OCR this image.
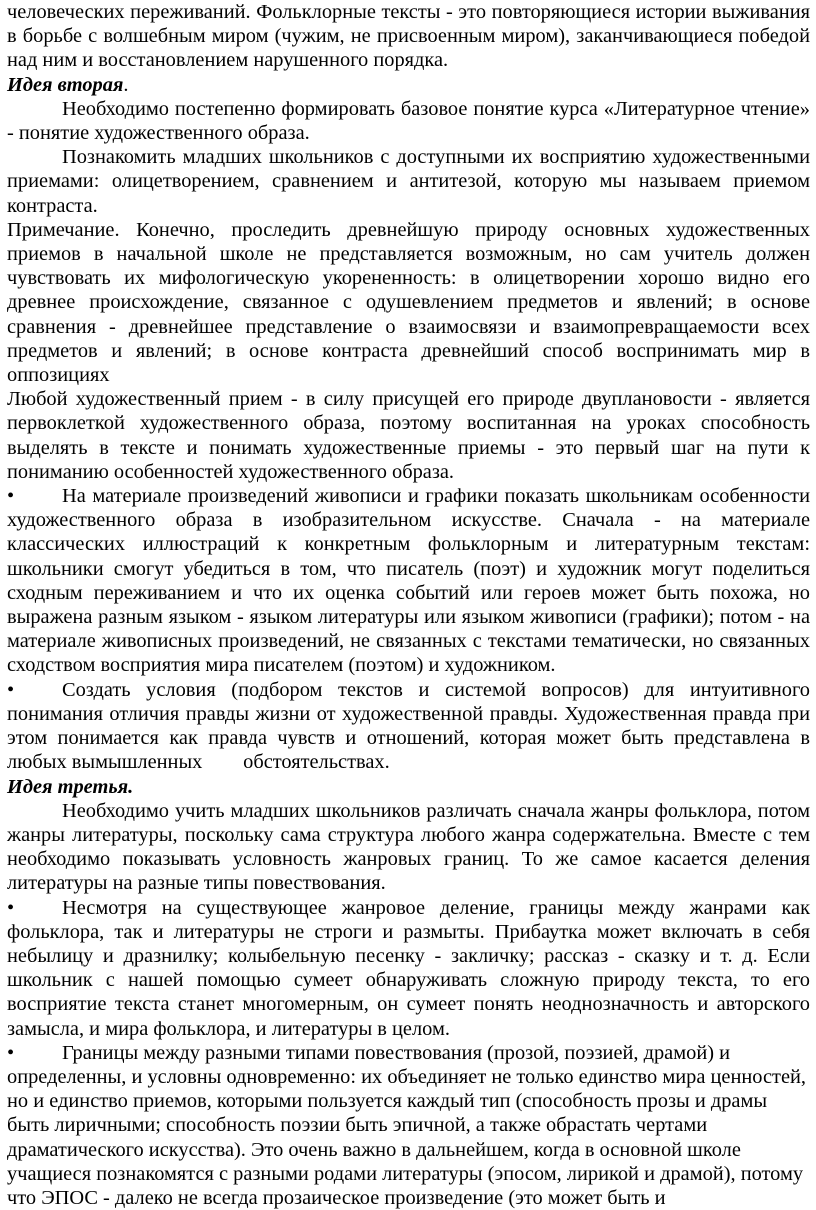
человеческих переживаний. Фольклорные тексты - это повторяющиеся истории выживания в борьбе с волшебным миром (чужим, не присвоенным миром), заканчивающиеся победой над ним и восстановлением нарушенного порядка.

Идея вторая.

Необходимо постепенно формировать базовое понятие курса «Литературное чтение» - понятие художественного образа.

Познакомить младших школьников с доступными их восприятию художественными приемами: олицетворением, сравнением и антитезой, которую мы называем приемом контраста.

Примечание. Конечно, проследить древнейшую природу основных художественных приемов в начальной школе не представляется возможным, но сам учитель должен чувствовать их мифологическую укорененность: в олицетворении хорошо видно его древнее происхождение, связанное с одушевлением предметов и явлений; в основе сравнения - древнейшее представление о взаимосвязи и взаимопревращаемости всех предметов и явлений; в основе контраста древнейший способ воспринимать мир в оппозициях

Любой художественный прием - в силу присущей его природе двуплановости - является первоклеткой художественного образа, поэтому воспитанная на уроках способность выделять в тексте и понимать художественные приемы - это первый шаг на пути к пониманию особенностей художественного образа.

• На материале произведений живописи и графики показать школьникам особенности художественного образа в изобразительном искусстве. Сначала - на материале классических иллюстраций к конкретным фольклорным и литературным текстам: школьники смогут убедиться в том, что писатель (поэт) и художник могут поделиться сходным переживанием и что их оценка событий или героев может быть похожа, но выражена разным языком - языком литературы или языком живописи (графики); потом - на материале живописных произведений, не связанных с текстами тематически, но связанных сходством восприятия мира писателем (поэтом) и художником.

• Создать условия (подбором текстов и системой вопросов) для интуитивного понимания отличия правды жизни от художественной правды. Художественная правда при этом понимается как правда чувств и отношений, которая может быть представлена в любых вымышленных        обстоятельствах.

Идея третья.

Необходимо учить младших школьников различать сначала жанры фольклора, потом жанры литературы, поскольку сама структура любого жанра содержательна. Вместе с тем необходимо показывать условность жанровых границ. То же самое касается деления литературы на разные типы повествования.

• Несмотря на существующее жанровое деление, границы между жанрами как фольклора, так и литературы не строги и размыты. Прибаутка может включать в себя небылицу и дразнилку; колыбельную песенку - закличку; рассказ - сказку и т. д. Если школьник с нашей помощью сумеет обнаруживать сложную природу текста, то его восприятие текста станет многомерным, он сумеет понять неоднозначность и авторского замысла, и мира фольклора, и литературы в целом.

• Границы между разными типами повествования (прозой, поэзией, драмой) и определенны, и условны одновременно: их объединяет не только единство мира ценностей, но и единство приемов, которыми пользуется каждый тип (способность прозы и драмы быть лиричными; способность поэзии быть эпичной, а также обрастать чертами драматического искусства). Это очень важно в дальнейшем, когда в основной школе учащиеся познакомятся с разными родами литературы (эпосом, лирикой и драмой), потому что ЭПОС - далеко не всегда прозаическое произведение (это может быть и
